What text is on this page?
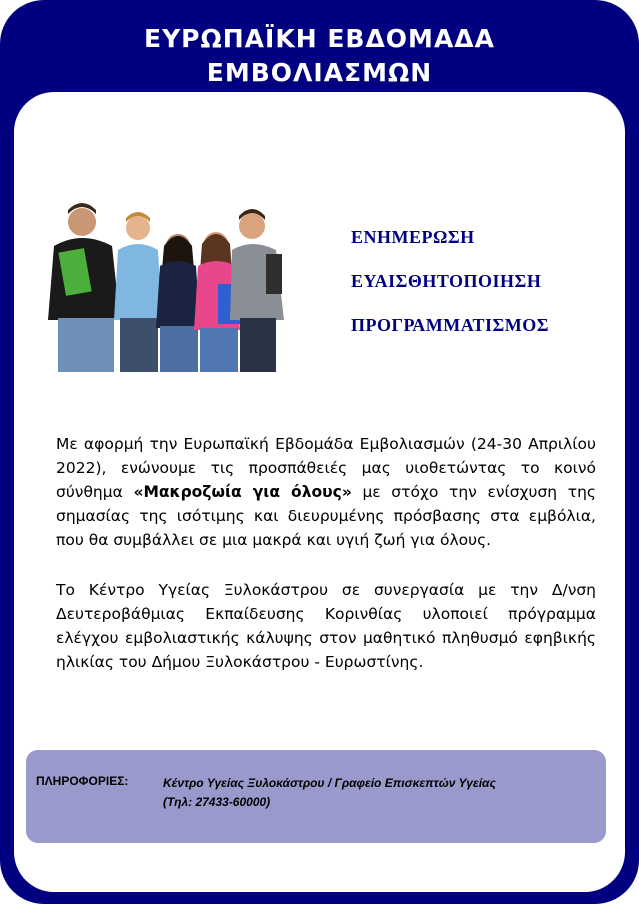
ΕΥΡΩΠΑΪΚΗ ΕΒΔΟΜΑΔΑ
ΕΜΒΟΛΙΑΣΜΩΝ
ΕΝΗΜΕΡΩΣΗ
ΕΥΑΙΣΘΗΤΟΠΟΙΗΣΗ
ΠΡΟΓΡΑΜΜΑΤΙΣΜΟΣ
Με αφορμή την Ευρωπαϊκή Εβδομάδα Εμβολιασμών (24-30 Απριλίου 2022), ενώνουμε τις προσπάθειές μας υιοθετώντας το κοινό σύνθημα «Μακροζωία για όλους» με στόχο την ενίσχυση της σημασίας της ισότιμης και διευρυμένης πρόσβασης στα εμβόλια, που θα συμβάλλει σε μια μακρά και υγιή ζωή για όλους.
Το Κέντρο Υγείας Ξυλοκάστρου σε συνεργασία με την Δ/νση Δευτεροβάθμιας Εκπαίδευσης Κορινθίας υλοποιεί πρόγραμμα ελέγχου εμβολιαστικής κάλυψης στον μαθητικό πληθυσμό εφηβικής ηλικίας του Δήμου Ξυλοκάστρου - Ευρωστίνης.
ΠΛΗΡΟΦΟΡΙΕΣ:	Κέντρο Υγείας Ξυλοκάστρου / Γραφείο Επισκεπτών Υγείας
(Τηλ: 27433-60000)
